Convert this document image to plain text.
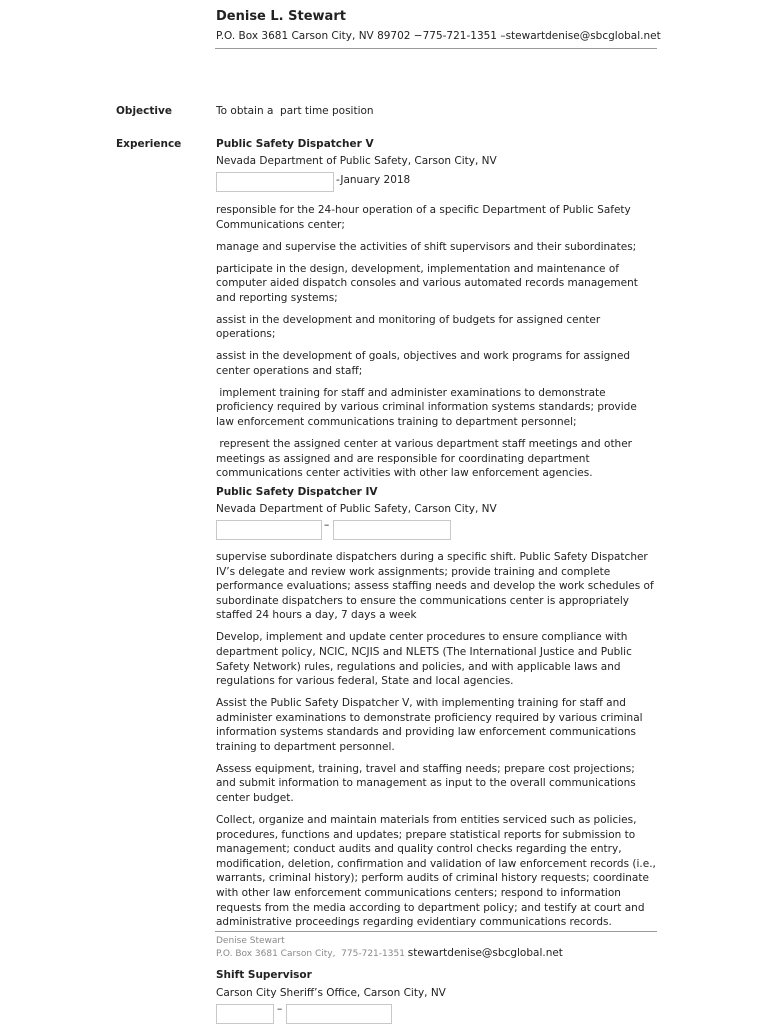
Denise L. Stewart
P.O. Box 3681 Carson City, NV 89702 −775-721-1351 –stewartdenise@sbcglobal.net
Objective	To obtain a  part time position
Experience	Public Safety Dispatcher V
Nevada Department of Public Safety, Carson City, NV
-January 2018

responsible for the 24-hour operation of a specific Department of Public Safety Communications center;

manage and supervise the activities of shift supervisors and their subordinates;

participate in the design, development, implementation and maintenance of computer aided dispatch consoles and various automated records management and reporting systems;

assist in the development and monitoring of budgets for assigned center operations;

assist in the development of goals, objectives and work programs for assigned center operations and staff;

implement training for staff and administer examinations to demonstrate proficiency required by various criminal information systems standards; provide law enforcement communications training to department personnel;

represent the assigned center at various department staff meetings and other meetings as assigned and are responsible for coordinating department communications center activities with other law enforcement agencies.

Public Safety Dispatcher IV
Nevada Department of Public Safety, Carson City, NV
–

supervise subordinate dispatchers during a specific shift. Public Safety Dispatcher IV’s delegate and review work assignments; provide training and complete performance evaluations; assess staffing needs and develop the work schedules of subordinate dispatchers to ensure the communications center is appropriately staffed 24 hours a day, 7 days a week

Develop, implement and update center procedures to ensure compliance with department policy, NCIC, NCJIS and NLETS (The International Justice and Public Safety Network) rules, regulations and policies, and with applicable laws and regulations for various federal, State and local agencies.

Assist the Public Safety Dispatcher V, with implementing training for staff and administer examinations to demonstrate proficiency required by various criminal information systems standards and providing law enforcement communications training to department personnel.

Assess equipment, training, travel and staffing needs; prepare cost projections; and submit information to management as input to the overall communications center budget.

Collect, organize and maintain materials from entities serviced such as policies, procedures, functions and updates; prepare statistical reports for submission to management; conduct audits and quality control checks regarding the entry, modification, deletion, confirmation and validation of law enforcement records (i.e., warrants, criminal history); perform audits of criminal history requests; coordinate with other law enforcement communications centers; respond to information requests from the media according to department policy; and testify at court and administrative proceedings regarding evidentiary communications records.

Denise Stewart
P.O. Box 3681 Carson City,  775-721-1351 stewartdenise@sbcglobal.net
Shift Supervisor
Carson City Sheriff’s Office, Carson City, NV
–
